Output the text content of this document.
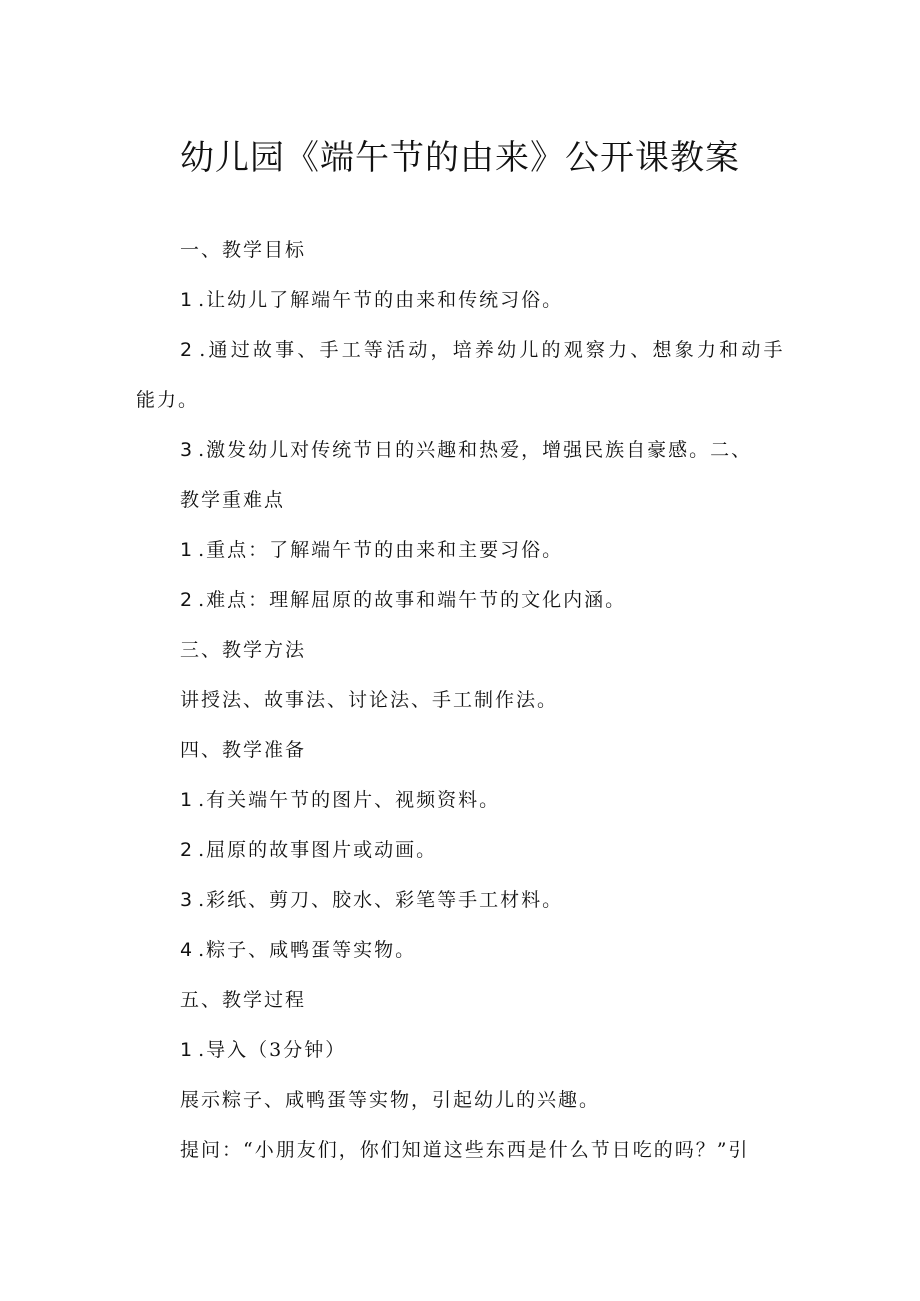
幼儿园《端午节的由来》公开课教案

一、教学目标

1 .让幼儿了解端午节的由来和传统习俗。

2 .通过故事、手工等活动，培养幼儿的观察力、想象力和动手

能力。

3 .激发幼儿对传统节日的兴趣和热爱，增强民族自豪感。二、

教学重难点

1 .重点：了解端午节的由来和主要习俗。

2 .难点：理解屈原的故事和端午节的文化内涵。

三、教学方法

讲授法、故事法、讨论法、手工制作法。

四、教学准备

1 .有关端午节的图片、视频资料。

2 .屈原的故事图片或动画。

3 .彩纸、剪刀、胶水、彩笔等手工材料。

4 .粽子、咸鸭蛋等实物。

五、教学过程

1 .导入（3分钟）

展示粽子、咸鸭蛋等实物，引起幼儿的兴趣。

提问：“小朋友们，你们知道这些东西是什么节日吃的吗？”引
